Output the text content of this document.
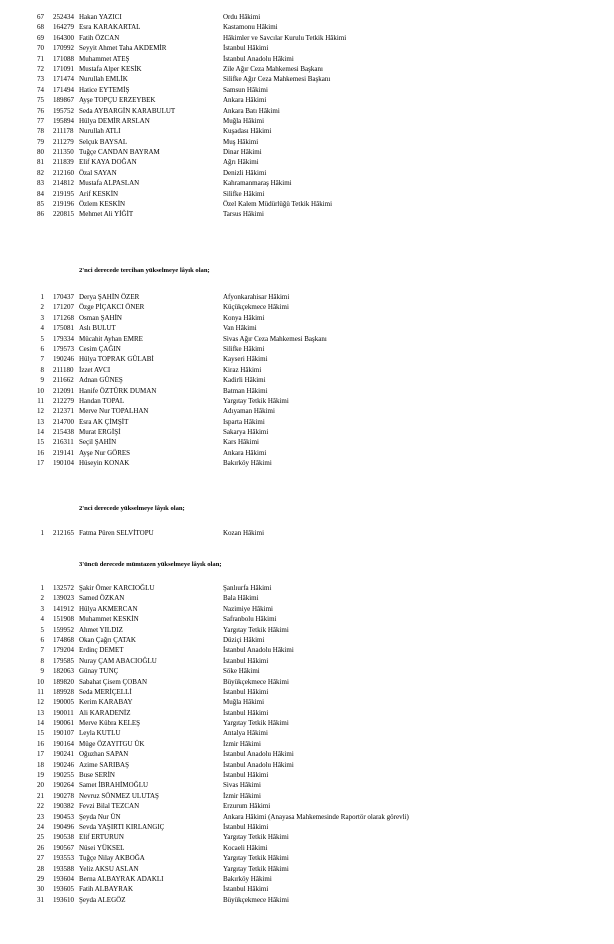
67 252434 Hakan YAZICI	Ordu Hâkimi
68 164279 Esra KARAKARTAL	Kastamonu Hâkimi
69 164300 Fatih ÖZCAN	Hâkimler ve Savcılar Kurulu Tetkik Hâkimi
70 170992 Seyyit Ahmet Taha AKDEMİR	İstanbul Hâkimi
71 171088 Muhammet ATEŞ	İstanbul Anadolu Hâkimi
72 171091 Mustafa Alper KESİK	Zile Ağır Ceza Mahkemesi Başkanı
73 171474 Nurullah EMLİK	Silifke Ağır Ceza Mahkemesi Başkanı
74 171494 Hatice EYTEMİŞ	Samsun Hâkimi
75 189867 Ayşe TOPÇU ERZEYBEK	Ankara Hâkimi
76 195752 Seda AYBARGİN KARABULUT	Ankara Batı Hâkimi
77 195894 Hülya DEMİR ARSLAN	Muğla Hâkimi
78 211178 Nurullah ATLI	Kuşadası Hâkimi
79 211279 Selçuk BAYSAL	Muş Hâkimi
80 211350 Tuğçe CANDAN BAYRAM	Dinar Hâkimi
81 211839 Elif KAYA DOĞAN	Ağrı Hâkimi
82 212160 Özal SAYAN	Denizli Hâkimi
83 214812 Mustafa ALPASLAN	Kahramanmaraş Hâkimi
84 219195 Arif KESKİN	Silifke Hâkimi
85 219196 Özlem KESKİN	Özel Kalem Müdürlüğü Tetkik Hâkimi
86 220815 Mehmet Ali YİĞİT	Tarsus Hâkimi
2'nci derecede tercihan yükselmeye lâyık olan;
1 170437 Derya ŞAHİN ÖZER	Afyonkarahisar Hâkimi
2 171207 Özge PİÇAKCI ÖNER	Küçükçekmece Hâkimi
3 171268 Osman ŞAHİN	Konya Hâkimi
4 175081 Aslı BULUT	Van Hâkimi
5 179334 Mücahit Ayhan EMRE	Sivas Ağır Ceza Mahkemesi Başkanı
6 179573 Cesim ÇAĞIN	Silifke Hâkimi
7 190246 Hülya TOPRAK GÜLABİ	Kayseri Hâkimi
8 211180 İzzet AVCI	Kiraz Hâkimi
9 211662 Adnan GÜNEŞ	Kadirli Hâkimi
10 212091 Hanife ÖZTÜRK DUMAN	Batman Hâkimi
11 212279 Handan TOPAL	Yargıtay Tetkik Hâkimi
12 212371 Merve Nur TOPALHAN	Adıyaman Hâkimi
13 214700 Esra AK ÇİMŞİT	Isparta Hâkimi
14 215438 Murat ERGİŞİ	Sakarya Hâkimi
15 216311 Seçil ŞAHİN	Kars Hâkimi
16 219141 Ayşe Nur GÖRES	Ankara Hâkimi
17 190104 Hüseyin KONAK	Bakırköy Hâkimi
2'nci derecede yükselmeye lâyık olan;
1 212165 Fatma Püren SELVİTOPU	Kozan Hâkimi
3'üncü derecede mümtazen yükselmeye lâyık olan;
1 132572 Şakir Ömer KARCIOĞLU	Şanlıurfa Hâkimi
2 139023 Samed ÖZKAN	Bala Hâkimi
3 141912 Hülya AKMERCAN	Nazimiye Hâkimi
4 151908 Muhammet KESKİN	Safranbolu Hâkimi
5 159952 Ahmet YILDIZ	Yargıtay Tetkik Hâkimi
6 174868 Okan Çağrı ÇATAK	Düziçi Hâkimi
7 179204 Erdinç DEMET	İstanbul Anadolu Hâkimi
8 179585 Nuray ÇAM ABACIOĞLU	İstanbul Hâkimi
9 182063 Günay TUNÇ	Söke Hâkimi
10 189820 Sabahat Çisem ÇOBAN	Büyükçekmece Hâkimi
11 189928 Seda MERİÇELLİ	İstanbul Hâkimi
12 190005 Kerim KARABAY	Muğla Hâkimi
13 190011 Ali KARADENİZ	İstanbul Hâkimi
14 190061 Merve Kübra KELEŞ	Yargıtay Tetkik Hâkimi
15 190107 Leyla KUTLU	Antalya Hâkimi
16 190164 Müge ÖZAYITGU ÜK	İzmir Hâkimi
17 190241 Oğuzhan SAPAN	İstanbul Anadolu Hâkimi
18 190246 Azime SARIBAŞ	İstanbul Anadolu Hâkimi
19 190255 Buse SERİN	İstanbul Hâkimi
20 190264 Samet İBRAHİMOĞLU	Sivas Hâkimi
21 190278 Nevruz SÖNMEZ ULUTAŞ	İzmir Hâkimi
22 190382 Fevzi Bilal TEZCAN	Erzurum Hâkimi
23 190453 Şeyda Nur ÜN	Ankara Hâkimi (Anayasa Mahkemesinde Raportör olarak görevli)
24 190496 Sevda YAŞIRTI KIRLANGIÇ	İstanbul Hâkimi
25 190538 Elif ERTURUN	Yargıtay Tetkik Hâkimi
26 190567 Nüsei YÜKSEL	Kocaeli Hâkimi
27 193553 Tuğçe Nilay AKBOĞA	Yargıtay Tetkik Hâkimi
28 193588 Yeliz AKSU ASLAN	Yargıtay Tetkik Hâkimi
29 193604 Berna ALBAYRAK ADAKLI	Bakırköy Hâkimi
30 193605 Fatih ALBAYRAK	İstanbul Hâkimi
31 193610 Şeyda ALEGÖZ	Büyükçekmece Hâkimi
